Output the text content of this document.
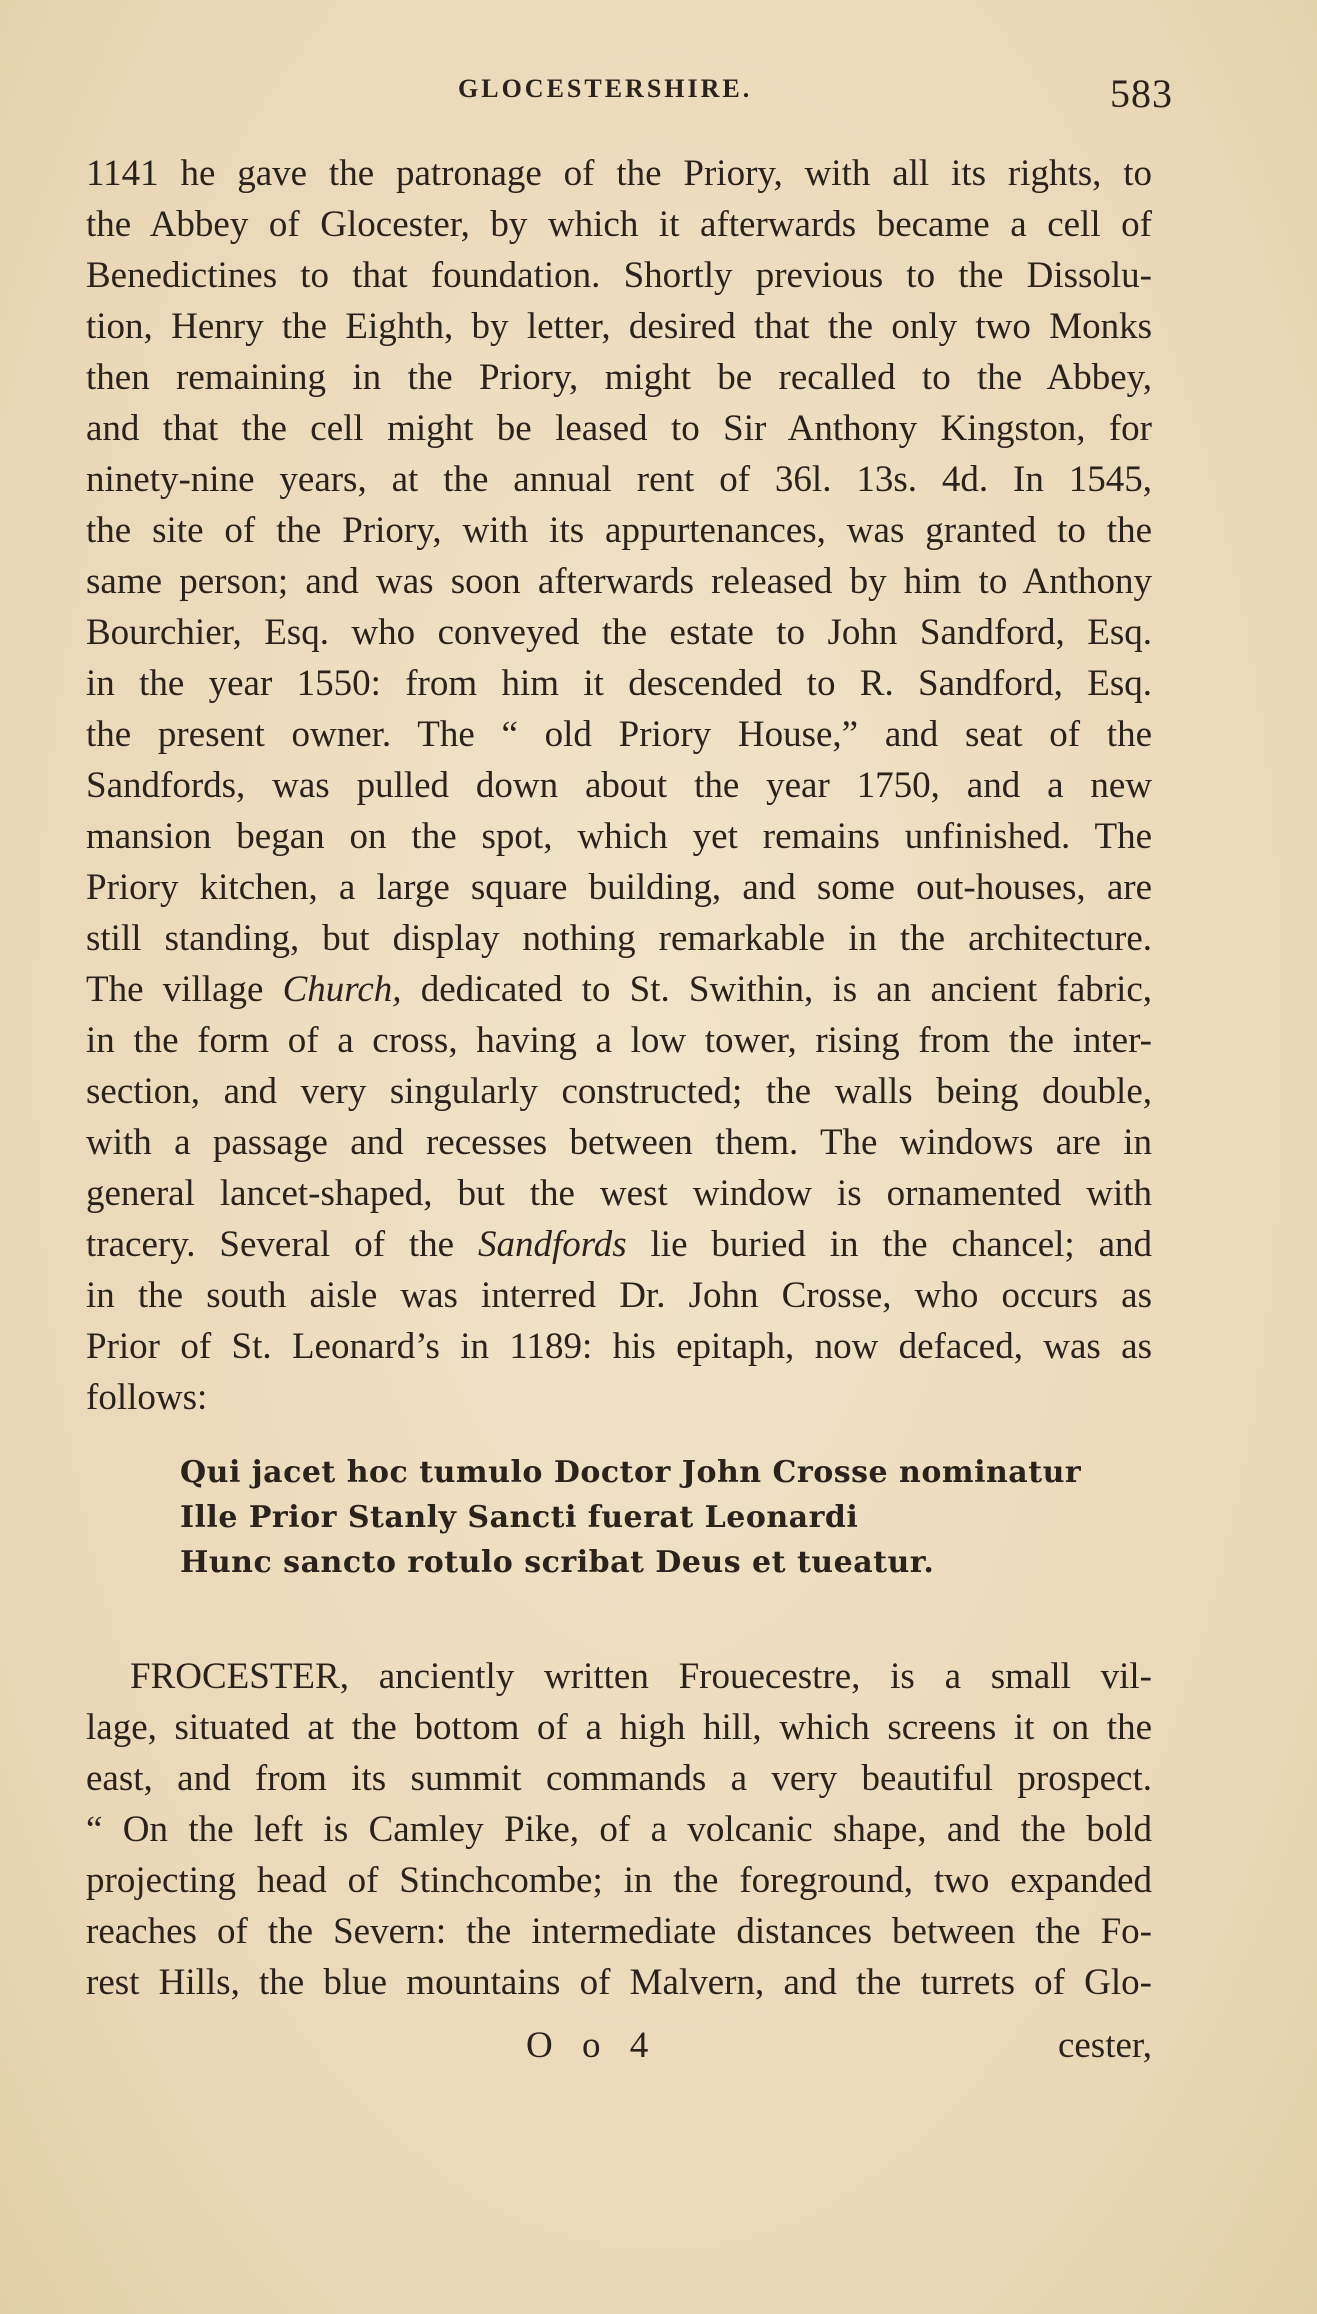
GLOCESTERSHIRE.	583
1141 he gave the patronage of the Priory, with all its rights, to
the Abbey of Glocester, by which it afterwards became a cell of
Benedictines to that foundation. Shortly previous to the Dissolu-
tion, Henry the Eighth, by letter, desired that the only two Monks
then remaining in the Priory, might be recalled to the Abbey,
and that the cell might be leased to Sir Anthony Kingston, for
ninety-nine years, at the annual rent of 36l. 13s. 4d. In 1545,
the site of the Priory, with its appurtenances, was granted to the
same person; and was soon afterwards released by him to Anthony
Bourchier, Esq. who conveyed the estate to John Sandford, Esq.
in the year 1550: from him it descended to R. Sandford, Esq.
the present owner. The “ old Priory House,” and seat of the
Sandfords, was pulled down about the year 1750, and a new
mansion began on the spot, which yet remains unfinished. The
Priory kitchen, a large square building, and some out-houses, are
still standing, but display nothing remarkable in the architecture.
The village Church, dedicated to St. Swithin, is an ancient fabric,
in the form of a cross, having a low tower, rising from the inter-
section, and very singularly constructed; the walls being double,
with a passage and recesses between them. The windows are in
general lancet-shaped, but the west window is ornamented with
tracery. Several of the Sandfords lie buried in the chancel; and
in the south aisle was interred Dr. John Crosse, who occurs as
Prior of St. Leonard’s in 1189: his epitaph, now defaced, was as
follows:
Qui jacet hoc tumulo Doctor John Crosse nominatur
Ille Prior Stanly Sancti fuerat Leonardi
Hunc sancto rotulo scribat Deus et tueatur.
FROCESTER, anciently written Frouecestre, is a small vil-
lage, situated at the bottom of a high hill, which screens it on the
east, and from its summit commands a very beautiful prospect.
“ On the left is Camley Pike, of a volcanic shape, and the bold
projecting head of Stinchcombe; in the foreground, two expanded
reaches of the Severn: the intermediate distances between the Fo-
rest Hills, the blue mountains of Malvern, and the turrets of Glo-
O o 4	cester,
